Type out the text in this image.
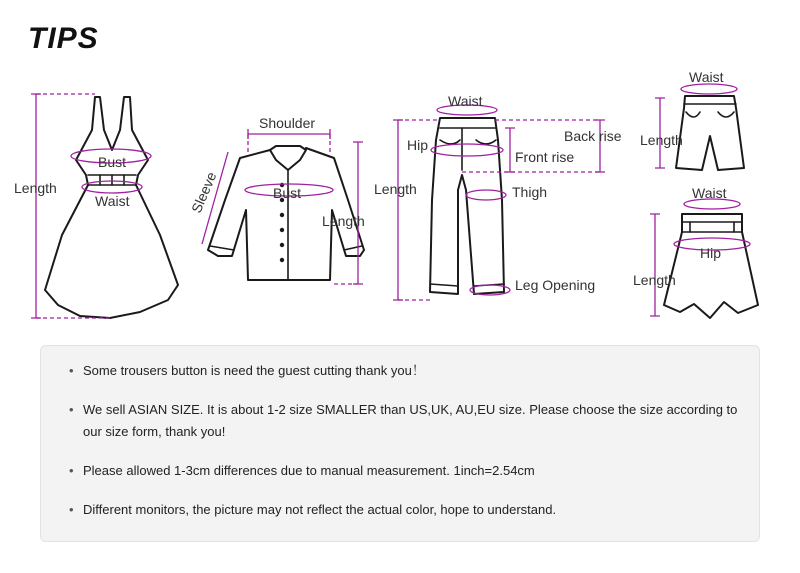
TIPS
Bust
Waist
Length
Shoulder
Bust
Length
Sleeve
Waist
Hip
Back rise
Front rise
Thigh
Length
Leg Opening
Waist
Length
Waist
Hip
Length
• Some trousers button is need the guest cutting thank you！
• We sell ASIAN SIZE. It is about 1-2 size SMALLER than US,UK, AU,EU size. Please choose the size according to our size form, thank you!
• Please allowed 1-3cm differences due to manual measurement. 1inch=2.54cm
• Different monitors, the picture may not reflect the actual color, hope to understand.
